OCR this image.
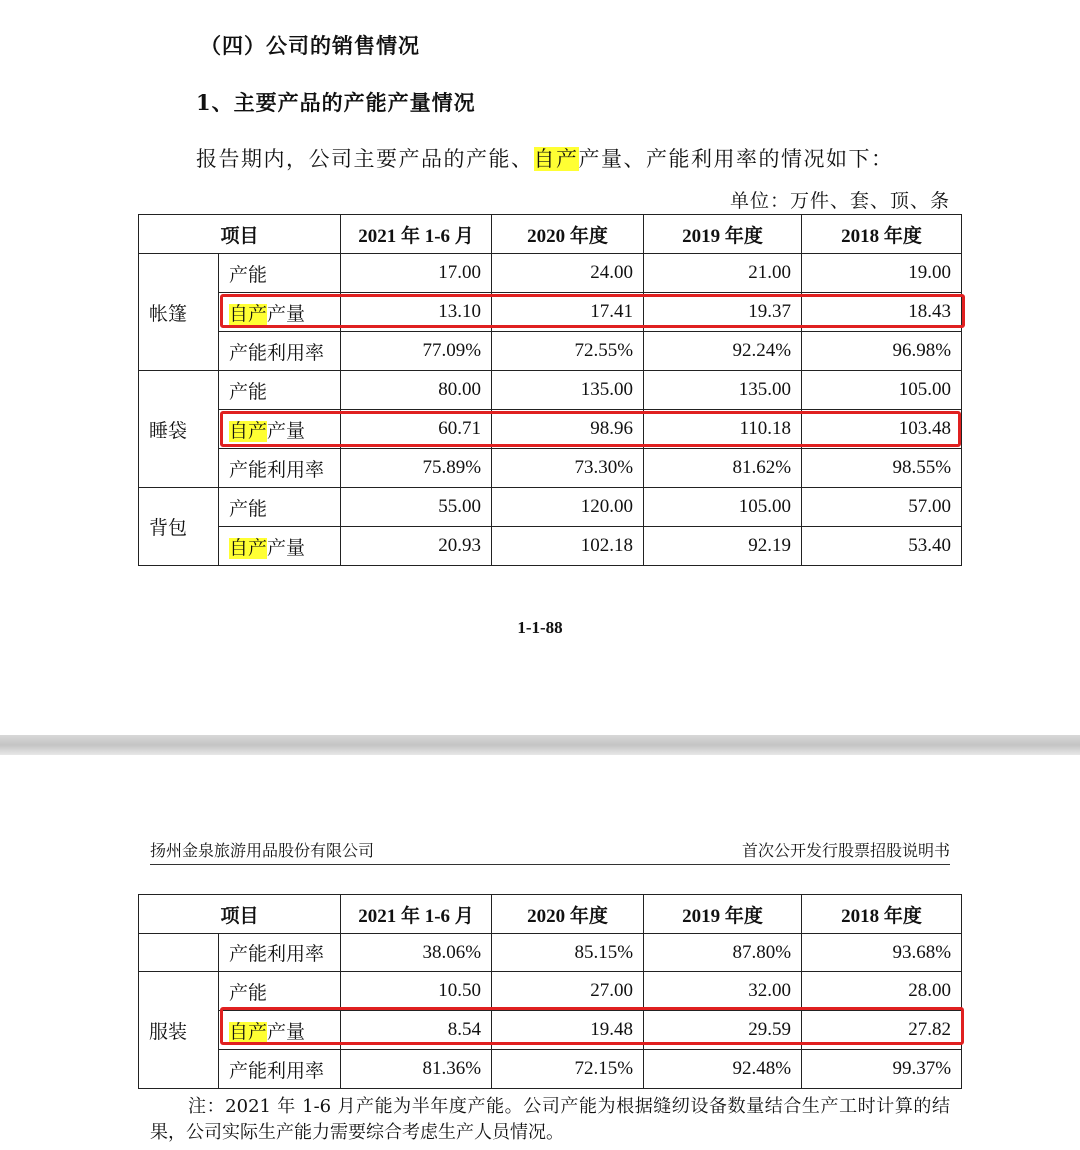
（四）公司的销售情况
1、主要产品的产能产量情况
报告期内，公司主要产品的产能、自产产量、产能利用率的情况如下：
单位：万件、套、顶、条
项目		2021 年 1-6 月	2020 年度	2019 年度	2018 年度
帐篷	产能	17.00	24.00	21.00	19.00
	自产产量	13.10	17.41	19.37	18.43
	产能利用率	77.09%	72.55%	92.24%	96.98%
睡袋	产能	80.00	135.00	135.00	105.00
	自产产量	60.71	98.96	110.18	103.48
	产能利用率	75.89%	73.30%	81.62%	98.55%
背包	产能	55.00	120.00	105.00	57.00
	自产产量	20.93	102.18	92.19	53.40
1-1-88
扬州金泉旅游用品股份有限公司	首次公开发行股票招股说明书
项目		2021 年 1-6 月	2020 年度	2019 年度	2018 年度
	产能利用率	38.06%	85.15%	87.80%	93.68%
服装	产能	10.50	27.00	32.00	28.00
	自产产量	8.54	19.48	29.59	27.82
	产能利用率	81.36%	72.15%	92.48%	99.37%
注：2021 年 1-6 月产能为半年度产能。公司产能为根据缝纫设备数量结合生产工时计算的结果，公司实际生产能力需要综合考虑生产人员情况。
